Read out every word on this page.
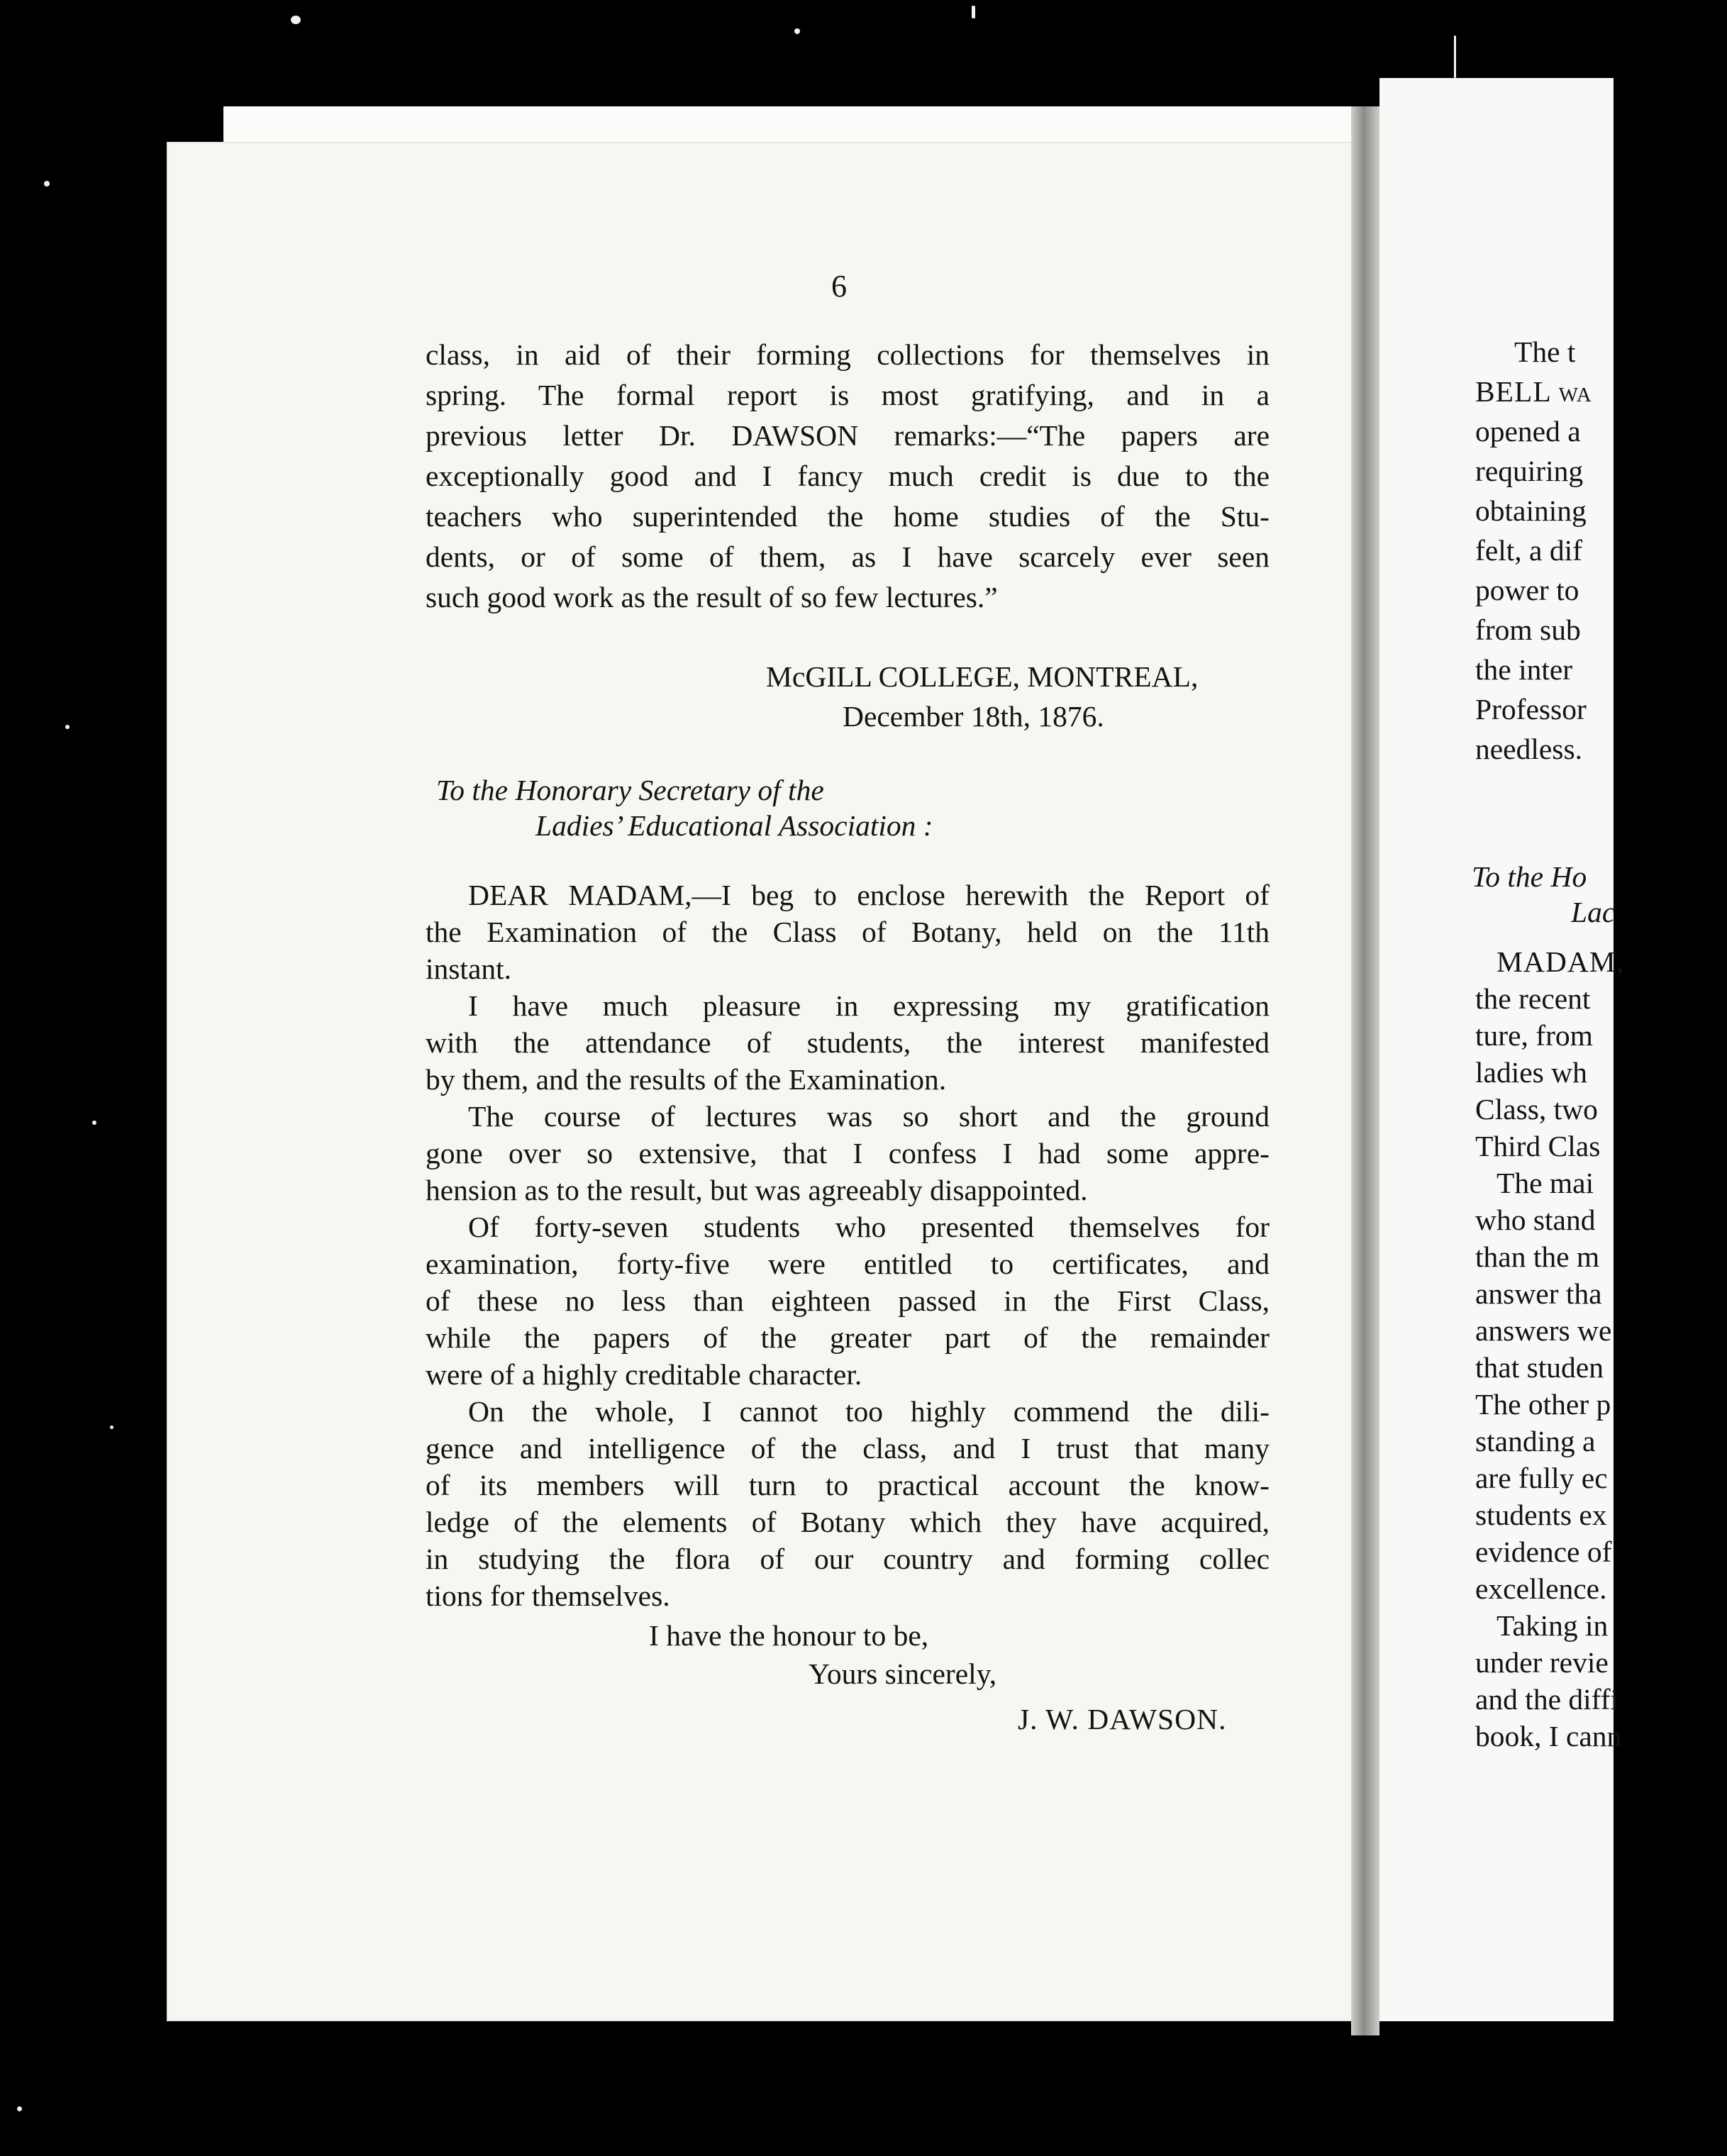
6
class, in aid of their forming collections for themselves in
spring. The formal report is most gratifying, and in a
previous letter Dr. DAWSON remarks:—“The papers are
exceptionally good and I fancy much credit is due to the
teachers who superintended the home studies of the Stu-
dents, or of some of them, as I have scarcely ever seen
such good work as the result of so few lectures.”
McGILL COLLEGE, MONTREAL,
December 18th, 1876.
To the Honorary Secretary of the
Ladies’ Educational Association :
DEAR MADAM,—I beg to enclose herewith the Report of
the Examination of the Class of Botany, held on the 11th
instant.
I have much pleasure in expressing my gratification
with the attendance of students, the interest manifested
by them, and the results of the Examination.
The course of lectures was so short and the ground
gone over so extensive, that I confess I had some appre-
hension as to the result, but was agreeably disappointed.
Of forty-seven students who presented themselves for
examination, forty-five were entitled to certificates, and
of these no less than eighteen passed in the First Class,
while the papers of the greater part of the remainder
were of a highly creditable character.
On the whole, I cannot too highly commend the dili-
gence and intelligence of the class, and I trust that many
of its members will turn to practical account the know-
ledge of the elements of Botany which they have acquired,
in studying the flora of our country and forming collec
tions for themselves.
I have the honour to be,
Yours sincerely,
J. W. DAWSON.
The t
BELL wa
opened a
requiring
obtaining
felt, a dif
power to
from sub
the inter
Professor
needless.
To the Ho
Lac
MADAM,
the recent
ture, from
ladies wh
Class, two
Third Clas
The mai
who stand
than the m
answer tha
answers we
that studen
The other p
standing a
are fully ec
students ex
evidence of
excellence.
Taking in
under revie
and the diffi
book, I cann
